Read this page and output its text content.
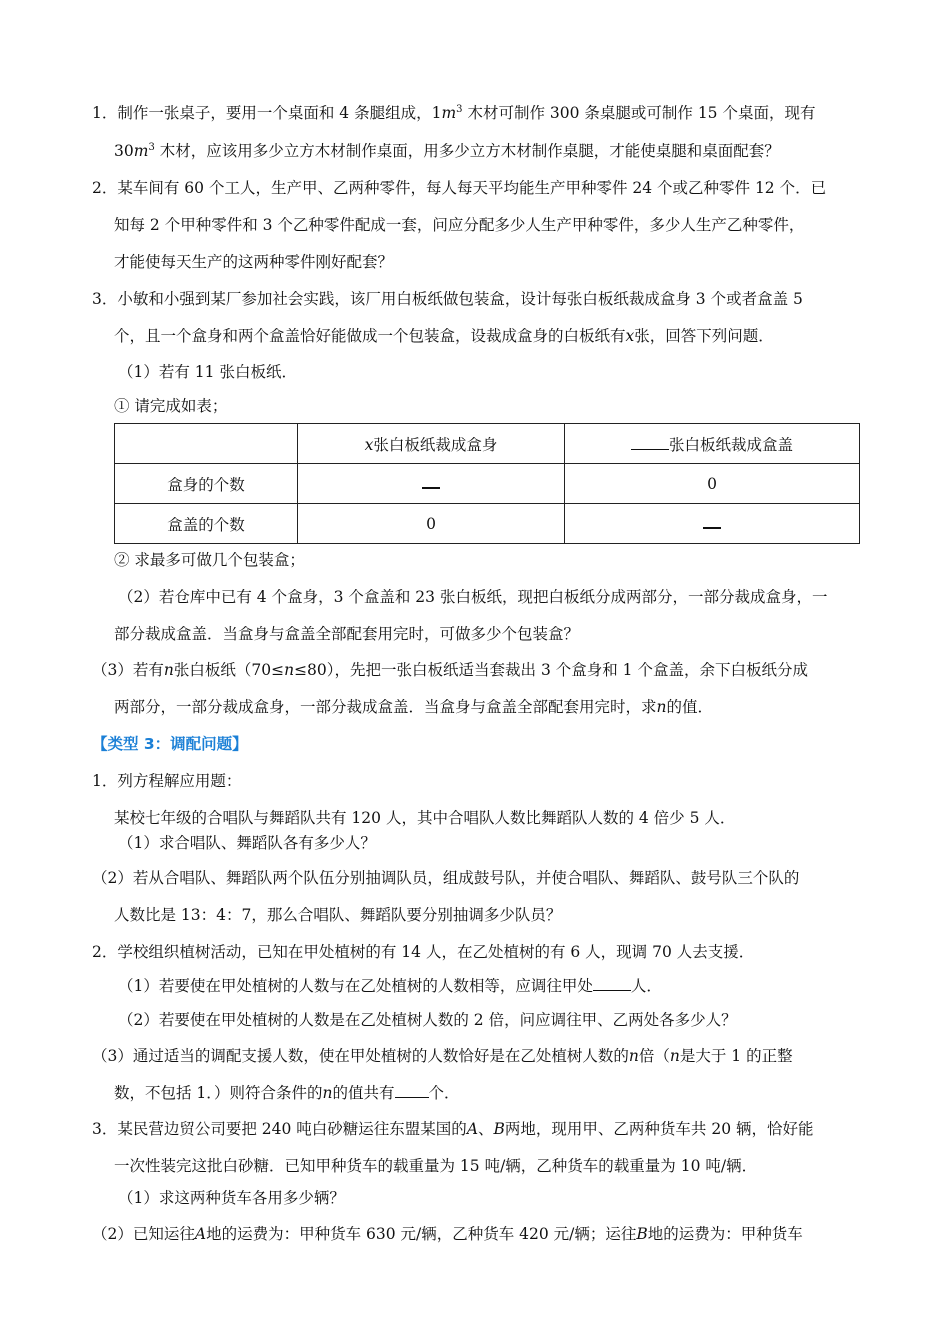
1．制作一张桌子，要用一个桌面和 4 条腿组成，$1m^3$ 木材可制作 300 条桌腿或可制作 15 个桌面，现有
$30m^3$ 木材，应该用多少立方木材制作桌面，用多少立方木材制作桌腿，才能使桌腿和桌面配套？
2．某车间有 60 个工人，生产甲、乙两种零件，每人每天平均能生产甲种零件 24 个或乙种零件 12 个．已
知每 2 个甲种零件和 3 个乙种零件配成一套，问应分配多少人生产甲种零件，多少人生产乙种零件，
才能使每天生产的这两种零件刚好配套？
3．小敏和小强到某厂参加社会实践，该厂用白板纸做包装盒，设计每张白板纸裁成盒身 3 个或者盒盖 5
个，且一个盒身和两个盒盖恰好能做成一个包装盒，设裁成盒身的白板纸有x张，回答下列问题．
（1）若有 11 张白板纸．
① 请完成如表；
	x张白板纸裁成盒身	张白板纸裁成盒盖
盒身的个数		0
盒盖的个数	0	
② 求最多可做几个包装盒；
（2）若仓库中已有 4 个盒身，3 个盒盖和 23 张白板纸，现把白板纸分成两部分，一部分裁成盒身，一
部分裁成盒盖．当盒身与盒盖全部配套用完时，可做多少个包装盒？
（3）若有n张白板纸（70≤n≤80），先把一张白板纸适当套裁出 3 个盒身和 1 个盒盖，余下白板纸分成
两部分，一部分裁成盒身，一部分裁成盒盖．当盒身与盒盖全部配套用完时，求n的值．
【类型 3：调配问题】
1．列方程解应用题：
某校七年级的合唱队与舞蹈队共有 120 人，其中合唱队人数比舞蹈队人数的 4 倍少 5 人．
（1）求合唱队、舞蹈队各有多少人？
（2）若从合唱队、舞蹈队两个队伍分别抽调队员，组成鼓号队，并使合唱队、舞蹈队、鼓号队三个队的
人数比是 13：4：7，那么合唱队、舞蹈队要分别抽调多少队员？
2．学校组织植树活动，已知在甲处植树的有 14 人，在乙处植树的有 6 人，现调 70 人去支援．
（1）若要使在甲处植树的人数与在乙处植树的人数相等，应调往甲处 人．
（2）若要使在甲处植树的人数是在乙处植树人数的 2 倍，问应调往甲、乙两处各多少人？
（3）通过适当的调配支援人数，使在甲处植树的人数恰好是在乙处植树人数的n倍（n是大于 1 的正整
数，不包括 1．）则符合条件的n的值共有 个．
3．某民营边贸公司要把 240 吨白砂糖运往东盟某国的A、B两地，现用甲、乙两种货车共 20 辆，恰好能
一次性装完这批白砂糖．已知甲种货车的载重量为 15 吨/辆，乙种货车的载重量为 10 吨/辆．
（1）求这两种货车各用多少辆？
（2）已知运往A地的运费为：甲种货车 630 元/辆，乙种货车 420 元/辆；运往B地的运费为：甲种货车
